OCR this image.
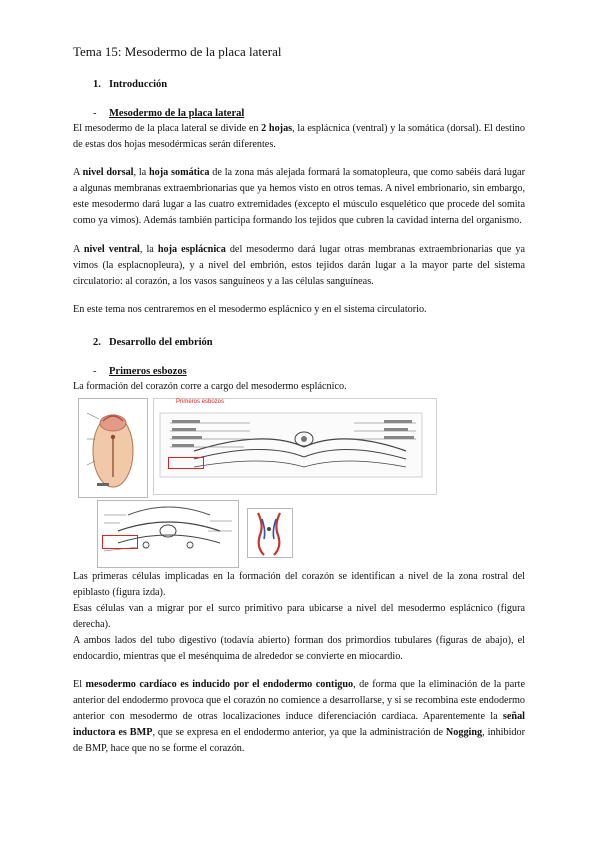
Tema 15: Mesodermo de la placa lateral
1. Introducción
- Mesodermo de la placa lateral
El mesodermo de la placa lateral se divide en 2 hojas, la esplácnica (ventral) y la somática (dorsal). El destino de estas dos hojas mesodérmicas serán diferentes.
A nivel dorsal, la hoja somática de la zona más alejada formará la somatopleura, que como sabéis dará lugar a algunas membranas extraembrionarias que ya hemos visto en otros temas. A nivel embrionario, sin embargo, este mesodermo dará lugar a las cuatro extremidades (excepto el músculo esquelético que procede del somita como ya vimos). Además también participa formando los tejidos que cubren la cavidad interna del organismo.
A nivel ventral, la hoja esplácnica del mesodermo dará lugar otras membranas extraembrionarias que ya vimos (la esplacnopleura), y a nivel del embrión, estos tejidos darán lugar a la mayor parte del sistema circulatorio: al corazón, a los vasos sanguíneos y a las células sanguíneas.
En este tema nos centraremos en el mesodermo esplácnico y en el sistema circulatorio.
2. Desarrollo del embrión
- Primeros esbozos
La formación del corazón corre a cargo del mesodermo esplácnico.
Primeros esbozos
Las primeras células implicadas en la formación del corazón se identifican a nivel de la zona rostral del epiblasto (figura izda).
Esas células van a migrar por el surco primitivo para ubicarse a nivel del mesodermo esplácnico (figura derecha).
A ambos lados del tubo digestivo (todavía abierto) forman dos primordios tubulares (figuras de abajo), el endocardio, mientras que el mesénquima de alrededor se convierte en miocardio.
El mesodermo cardíaco es inducido por el endodermo contiguo, de forma que la eliminación de la parte anterior del endodermo provoca que el corazón no comience a desarrollarse, y si se recombina este endodermo anterior con mesodermo de otras localizaciones induce diferenciación cardiaca. Aparentemente la señal inductora es BMP, que se expresa en el endodermo anterior, ya que la administración de Nogging, inhibidor de BMP, hace que no se forme el corazón.
